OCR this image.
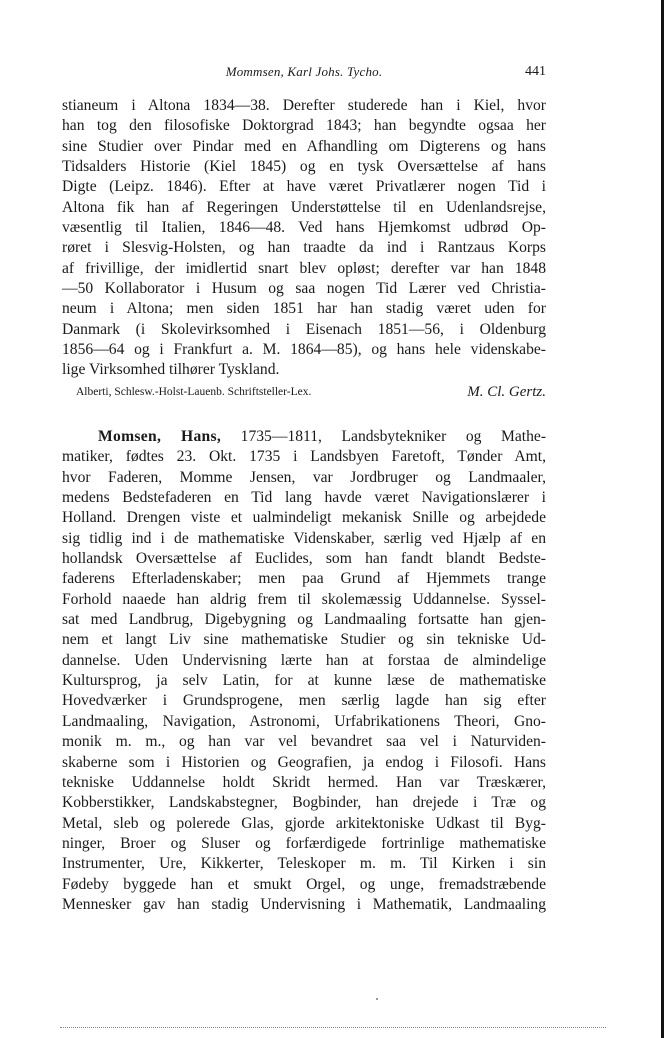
Mommsen, Karl Johs. Tycho.	441
stianeum i Altona 1834—38. Derefter studerede han i Kiel, hvor
han tog den filosofiske Doktorgrad 1843; han begyndte ogsaa her
sine Studier over Pindar med en Afhandling om Digterens og hans
Tidsalders Historie (Kiel 1845) og en tysk Oversættelse af hans
Digte (Leipz. 1846). Efter at have været Privatlærer nogen Tid i
Altona fik han af Regeringen Understøttelse til en Udenlandsrejse,
væsentlig til Italien, 1846—48. Ved hans Hjemkomst udbrød Op-
røret i Slesvig-Holsten, og han traadte da ind i Rantzaus Korps
af frivillige, der imidlertid snart blev opløst; derefter var han 1848
—50 Kollaborator i Husum og saa nogen Tid Lærer ved Christia-
neum i Altona; men siden 1851 har han stadig været uden for
Danmark (i Skolevirksomhed i Eisenach 1851—56, i Oldenburg
1856—64 og i Frankfurt a. M. 1864—85), og hans hele videnskabe-
lige Virksomhed tilhører Tyskland.
Alberti, Schlesw.-Holst-Lauenb. Schriftsteller-Lex.	M. Cl. Gertz.
Momsen, Hans, 1735—1811, Landsbytekniker og Mathe-
matiker, fødtes 23. Okt. 1735 i Landsbyen Faretoft, Tønder Amt,
hvor Faderen, Momme Jensen, var Jordbruger og Landmaaler,
medens Bedstefaderen en Tid lang havde været Navigationslærer i
Holland. Drengen viste et ualmindeligt mekanisk Snille og arbejdede
sig tidlig ind i de mathematiske Videnskaber, særlig ved Hjælp af en
hollandsk Oversættelse af Euclides, som han fandt blandt Bedste-
faderens Efterladenskaber; men paa Grund af Hjemmets trange
Forhold naaede han aldrig frem til skolemæssig Uddannelse. Syssel-
sat med Landbrug, Digebygning og Landmaaling fortsatte han gjen-
nem et langt Liv sine mathematiske Studier og sin tekniske Ud-
dannelse. Uden Undervisning lærte han at forstaa de almindelige
Kultursprog, ja selv Latin, for at kunne læse de mathematiske
Hovedværker i Grundsprogene, men særlig lagde han sig efter
Landmaaling, Navigation, Astronomi, Urfabrikationens Theori, Gno-
monik m. m., og han var vel bevandret saa vel i Naturviden-
skaberne som i Historien og Geografien, ja endog i Filosofi. Hans
tekniske Uddannelse holdt Skridt hermed. Han var Træskærer,
Kobberstikker, Landskabstegner, Bogbinder, han drejede i Træ og
Metal, sleb og polerede Glas, gjorde arkitektoniske Udkast til Byg-
ninger, Broer og Sluser og forfærdigede fortrinlige mathematiske
Instrumenter, Ure, Kikkerter, Teleskoper m. m. Til Kirken i sin
Fødeby byggede han et smukt Orgel, og unge, fremadstræbende
Mennesker gav han stadig Undervisning i Mathematik, Landmaaling
